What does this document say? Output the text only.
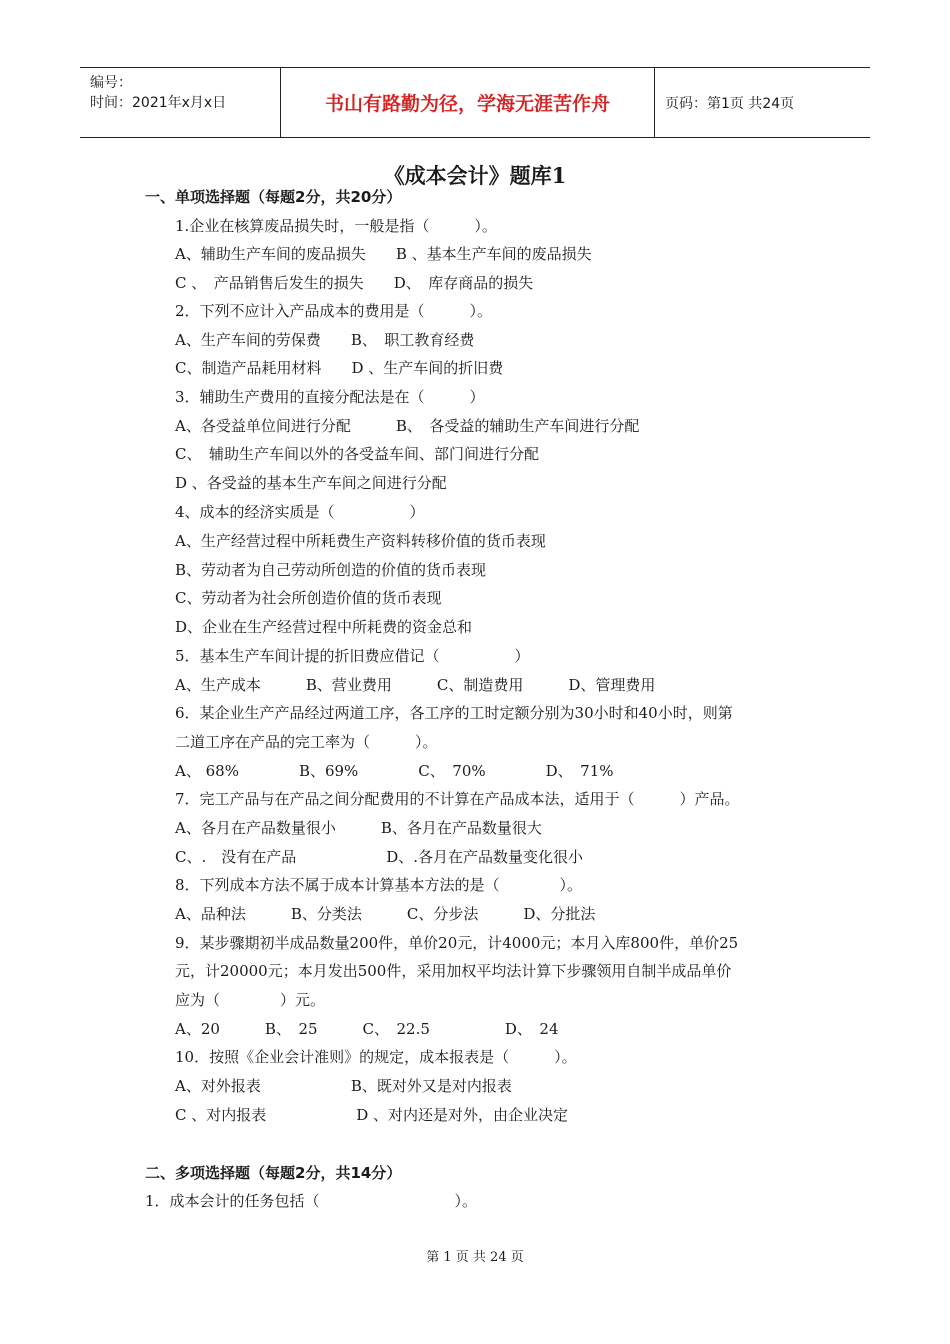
编号：
时间：2021年x月x日	书山有路勤为径，学海无涯苦作舟	页码：第1页 共24页
《成本会计》题库1
一、单项选择题（每题2分，共20分）
1.企业在核算废品损失时，一般是指（　　　）。
A、辅助生产车间的废品损失　　B 、基本生产车间的废品损失
C 、　产品销售后发生的损失　　D、　库存商品的损失
2．下列不应计入产品成本的费用是（　　　）。
A、生产车间的劳保费　　B、　职工教育经费
C、制造产品耗用材料　　D 、生产车间的折旧费
3．辅助生产费用的直接分配法是在（　　　）
A、各受益单位间进行分配　　　B、　各受益的辅助生产车间进行分配
C、　辅助生产车间以外的各受益车间、部门间进行分配
D 、各受益的基本生产车间之间进行分配
4、成本的经济实质是（　　　　　）
A、生产经营过程中所耗费生产资料转移价值的货币表现
B、劳动者为自己劳动所创造的价值的货币表现
C、劳动者为社会所创造价值的货币表现
D、企业在生产经营过程中所耗费的资金总和
5．基本生产车间计提的折旧费应借记（　　　　　）
A、生产成本　　　B、营业费用　　　C、制造费用　　　D、管理费用
6．某企业生产产品经过两道工序，各工序的工时定额分别为30小时和40小时，则第
二道工序在产品的完工率为（　　　）。
A、 68%　　　　B、69%　　　　C、　70%　　　　D、　71%
7．完工产品与在产品之间分配费用的不计算在产品成本法，适用于（　　　）产品。
A、各月在产品数量很小　　　B、各月在产品数量很大
C、.　没有在产品　　　　　　D、.各月在产品数量变化很小
8．下列成本方法不属于成本计算基本方法的是（　　　　）。
A、品种法　　　B、分类法　　　C、分步法　　　D、分批法
9．某步骤期初半成品数量200件，单价20元，计4000元；本月入库800件，单价25
元，计20000元；本月发出500件，采用加权平均法计算下步骤领用自制半成品单价
应为（　　　　）元。
A、20　　　B、　25　　　C、　22.5　　　　　D、　24
10．按照《企业会计准则》的规定，成本报表是（　　　）。
A、对外报表　　　　　　B、既对外又是对内报表
C 、对内报表　　　　　　D 、对内还是对外，由企业决定
二、多项选择题（每题2分，共14分）
1．成本会计的任务包括（　　　　　　　　　）。
第 1 页 共 24 页
